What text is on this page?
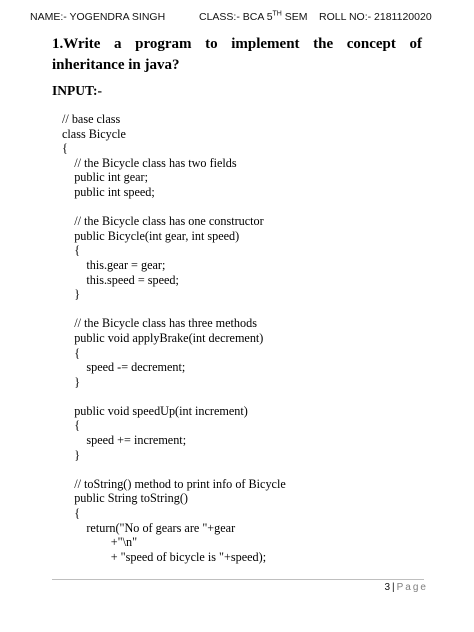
NAME:- YOGENDRA SINGH	CLASS:- BCA 5TH SEM ROLL NO:- 2181120020

1.Write a program to implement the concept of inheritance in java?

INPUT:-

// base class
class Bicycle
{
// the Bicycle class has two fields
public int gear;
public int speed;
// the Bicycle class has one constructor
public Bicycle(int gear, int speed)
{
this.gear = gear;
this.speed = speed;
}
// the Bicycle class has three methods
public void applyBrake(int decrement)
{
speed -= decrement;
}
public void speedUp(int increment)
{
speed += increment;
}
// toString() method to print info of Bicycle
public String toString()
{
return("No of gears are "+gear
+"\n"
+ "speed of bicycle is "+speed);
3 | Page
